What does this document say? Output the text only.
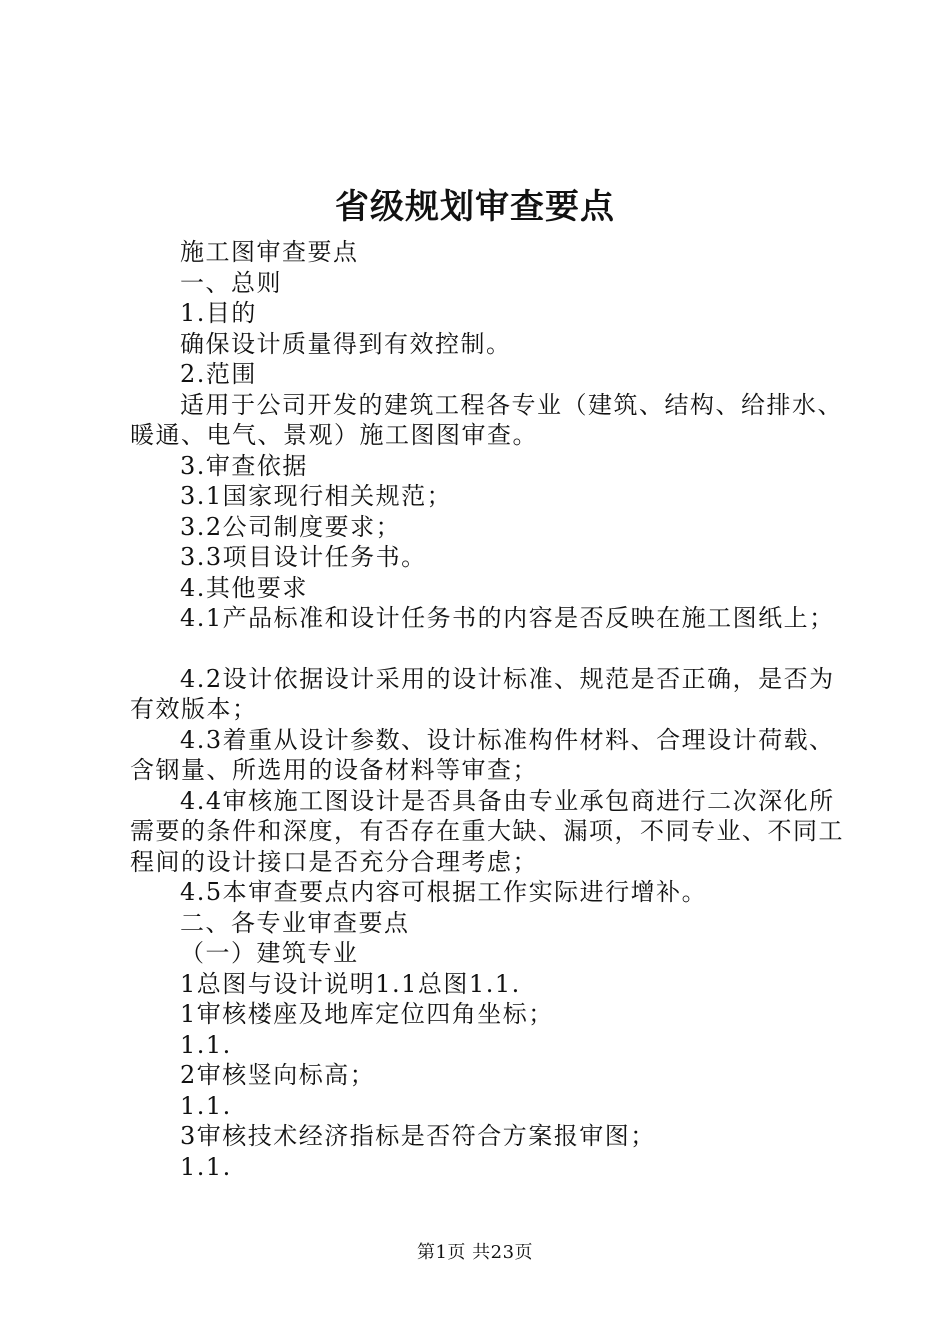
省级规划审查要点

施工图审查要点

一、总则

1.目的

确保设计质量得到有效控制。

2.范围

适用于公司开发的建筑工程各专业（建筑、结构、给排水、暖通、电气、景观）施工图图审查。

3.审查依据

3.1国家现行相关规范；

3.2公司制度要求；

3.3项目设计任务书。

4.其他要求

4.1产品标准和设计任务书的内容是否反映在施工图纸上；

4.2设计依据设计采用的设计标准、规范是否正确，是否为有效版本；

4.3着重从设计参数、设计标准构件材料、合理设计荷载、含钢量、所选用的设备材料等审查；

4.4审核施工图设计是否具备由专业承包商进行二次深化所需要的条件和深度，有否存在重大缺、漏项，不同专业、不同工程间的设计接口是否充分合理考虑；

4.5本审查要点内容可根据工作实际进行增补。

二、各专业审查要点

（一）建筑专业

1总图与设计说明1.1总图1.1.

1审核楼座及地库定位四角坐标；

1.1.

2审核竖向标高；

1.1.

3审核技术经济指标是否符合方案报审图；

1.1.

第1页 共23页
